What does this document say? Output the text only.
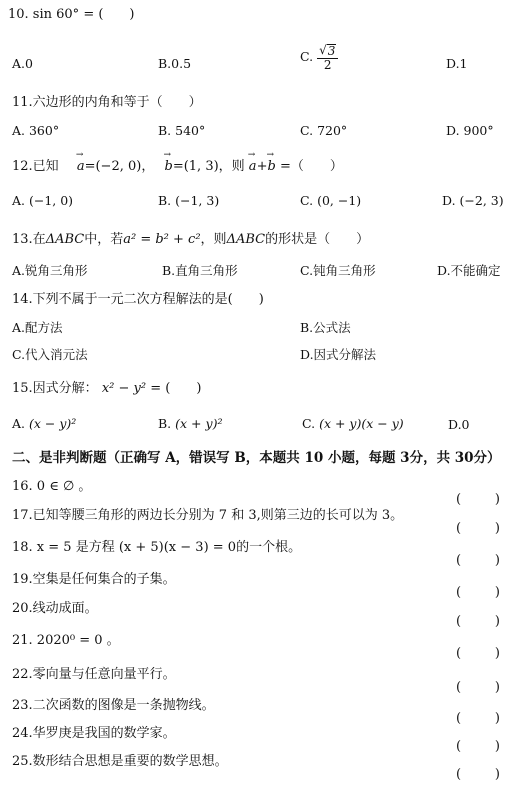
10. sin 60° = (　　)
A.0	B.0.5	C. $\frac{√ 3}{2}$	D.1
11.六边形的内角和等于（　　）
A. 360°	B. 540°	C. 720°	D. 900°
12.已知 → a=(−2, 0)， → b=(1, 3)，则 → a+→ b =（　　）
A. (−1, 0)	B. (−1, 3)	C. (0, −1)	D. (−2, 3)
13.在ΔABC中，若a² = b² + c²，则ΔABC的形状是（　　）
A.锐角三角形	B.直角三角形	C.钝角三角形	D.不能确定
14.下列不属于一元二次方程解法的是(　　)
A.配方法	B.公式法
C.代入消元法	D.因式分解法
15.因式分解： x² − y² = (　　)
A. (x − y)²	B. (x + y)²	C. (x + y)(x − y)	D.0
二、是非判断题（正确写 A，错误写 B，本题共 10 小题，每题 3分，共 30分）
16. 0 ∈ ∅ 。
(	)
17.已知等腰三角形的两边长分别为 7 和 3,则第三边的长可以为 3。
(	)
18. x = 5 是方程 (x + 5)(x − 3) = 0的一个根。
(	)
19.空集是任何集合的子集。
(	)
20.线动成面。
(	)
21. 2020⁰ = 0 。
(	)
22.零向量与任意向量平行。
(	)
23.二次函数的图像是一条抛物线。
(	)
24.华罗庚是我国的数学家。
(	)
25.数形结合思想是重要的数学思想。
(	)
